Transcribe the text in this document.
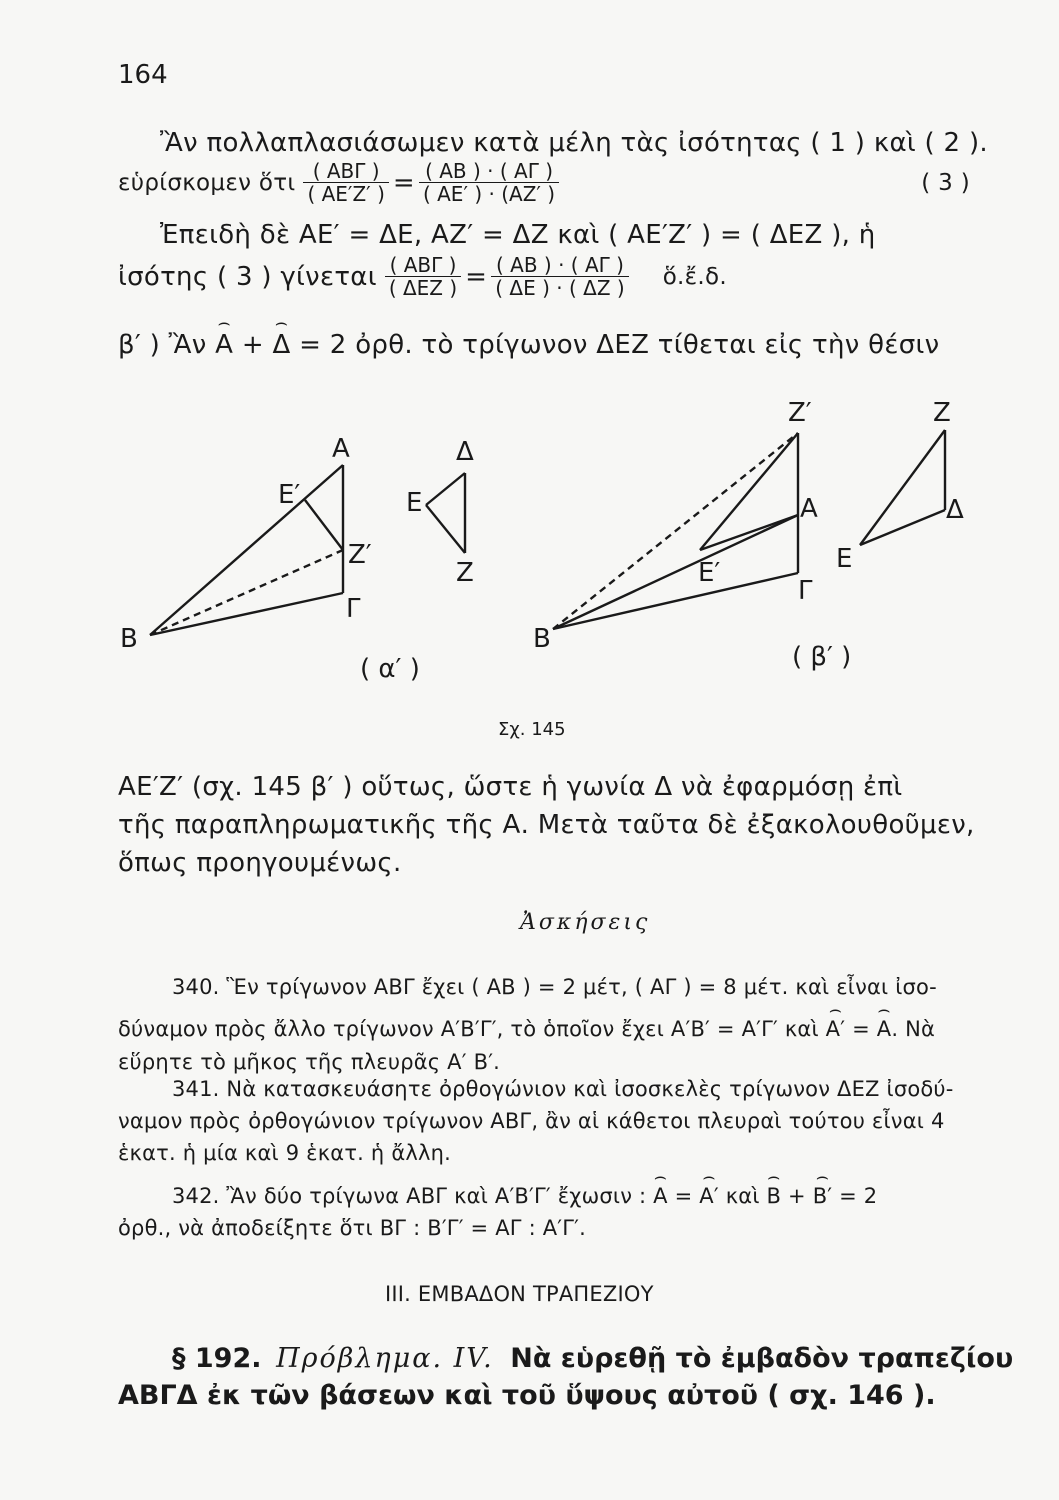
164
Ἂν πολλαπλασιάσωμεν κατὰ μέλη τὰς ἰσότητας ( 1 ) καὶ ( 2 ).
εὑρίσκομεν ὅτι $\frac{\text{( ΑΒΓ )}}{( AE'Z' )} = \frac{( AB ) \cdot ( A\Gamma )}{( AE' ) \cdot (AZ' )}$	( 3 )
Ἐπειδὴ δὲ ΑΕ′ = ΔΕ, ΑΖ′ = ΔΖ καὶ ( ΑΕ′Ζ′ ) = ( ΔΕΖ ), ἡ
ἰσότης ( 3 ) γίνεται $\frac{\text{( ΑΒΓ )}}{\text{( ΔΕΖ )}} = \frac{( AB ) \cdot ( A\Gamma )}{( \Delta E ) \cdot ( \Delta Z )}$ ὅ.ἔ.δ.
β′ ) Ἂν Α ⌢ + Δ ⌢ = 2 ὀρθ. τὸ τρίγωνον ΔΕΖ τίθεται εἰς τὴν θέσιν
Α
Ε′
Ζ′
Γ
Β
Δ
Ε
Ζ
Ζ′
Α
Ε′
Γ
Β
Ζ
Δ
Ε
( α′ )	( β′ )
Σχ. 145
ΑΕ′Ζ′ (σχ. 145 β′ ) οὕτως, ὥστε ἡ γωνία Δ νὰ ἐφαρμόσῃ ἐπὶ
τῆς παραπληρωματικῆς τῆς Α. Μετὰ ταῦτα δὲ ἐξακολουθοῦμεν,
ὅπως προηγουμένως.
Ἀσκήσεις
340. Ἓν τρίγωνον ΑΒΓ ἔχει ( ΑΒ ) = 2 μέτ, ( ΑΓ ) = 8 μέτ. καὶ εἶναι ἰσο-
δύναμον πρὸς ἄλλο τρίγωνον Α′Β′Γ′, τὸ ὁποῖον ἔχει Α′Β′ = Α′Γ′ καὶ Α′ ⌢ = Α ⌢. Νὰ
εὕρητε τὸ μῆκος τῆς πλευρᾶς Α′ Β′.
341. Νὰ κατασκευάσητε ὀρθογώνιον καὶ ἰσοσκελὲς τρίγωνον ΔΕΖ ἰσοδύ-
ναμον πρὸς ὀρθογώνιον τρίγωνον ΑΒΓ, ἂν αἱ κάθετοι πλευραὶ τούτου εἶναι 4
ἑκατ. ἡ μία καὶ 9 ἑκατ. ἡ ἄλλη.
342. Ἂν δύο τρίγωνα ΑΒΓ καὶ Α′Β′Γ′ ἔχωσιν : Α ⌢ = Α′ ⌢ καὶ Β ⌢ + Β′ ⌢ = 2
ὀρθ., νὰ ἀποδείξητε ὅτι ΒΓ : Β′Γ′ = ΑΓ : Α′Γ′.
ΙΙΙ. ΕΜΒΑΔΟΝ ΤΡΑΠΕΖΙΟΥ
§ 192. Πρόβλημα. IV. Νὰ εὑρεθῇ τὸ ἐμβαδὸν τραπεζίου
ΑΒΓΔ ἐκ τῶν βάσεων καὶ τοῦ ὕψους αὐτοῦ ( σχ. 146 ).
